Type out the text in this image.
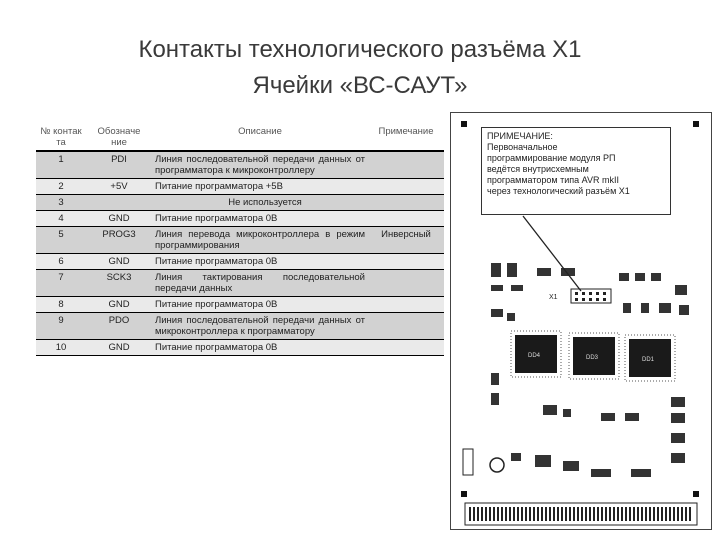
Контакты технологического разъёма Х1
Ячейки «ВС-САУТ»
№ контак та	Обозначе ние	Описание	Примечание
1	PDI	Линия последовательной передачи данных от программатора к микроконтроллеру	
2	+5V	Питание программатора +5В	
3	Не используется		
4	GND	Питание программатора 0В	
5	PROG3	Линия перевода микроконтроллера в режим программирования	Инверсный
6	GND	Питание программатора 0В	
7	SCK3	Линия тактирования последовательной передачи данных	
8	GND	Питание программатора 0В	
9	PDO	Линия последовательной передачи данных от микроконтроллера к программатору	
10	GND	Питание программатора 0В	
X1
DD4	DD3	DD1
ПРИМЕЧАНИЕ:
Первоначальное
программирование модуля РП
ведётся внутрисхемным
программатором типа AVR mkII
через технологический разъём Х1
